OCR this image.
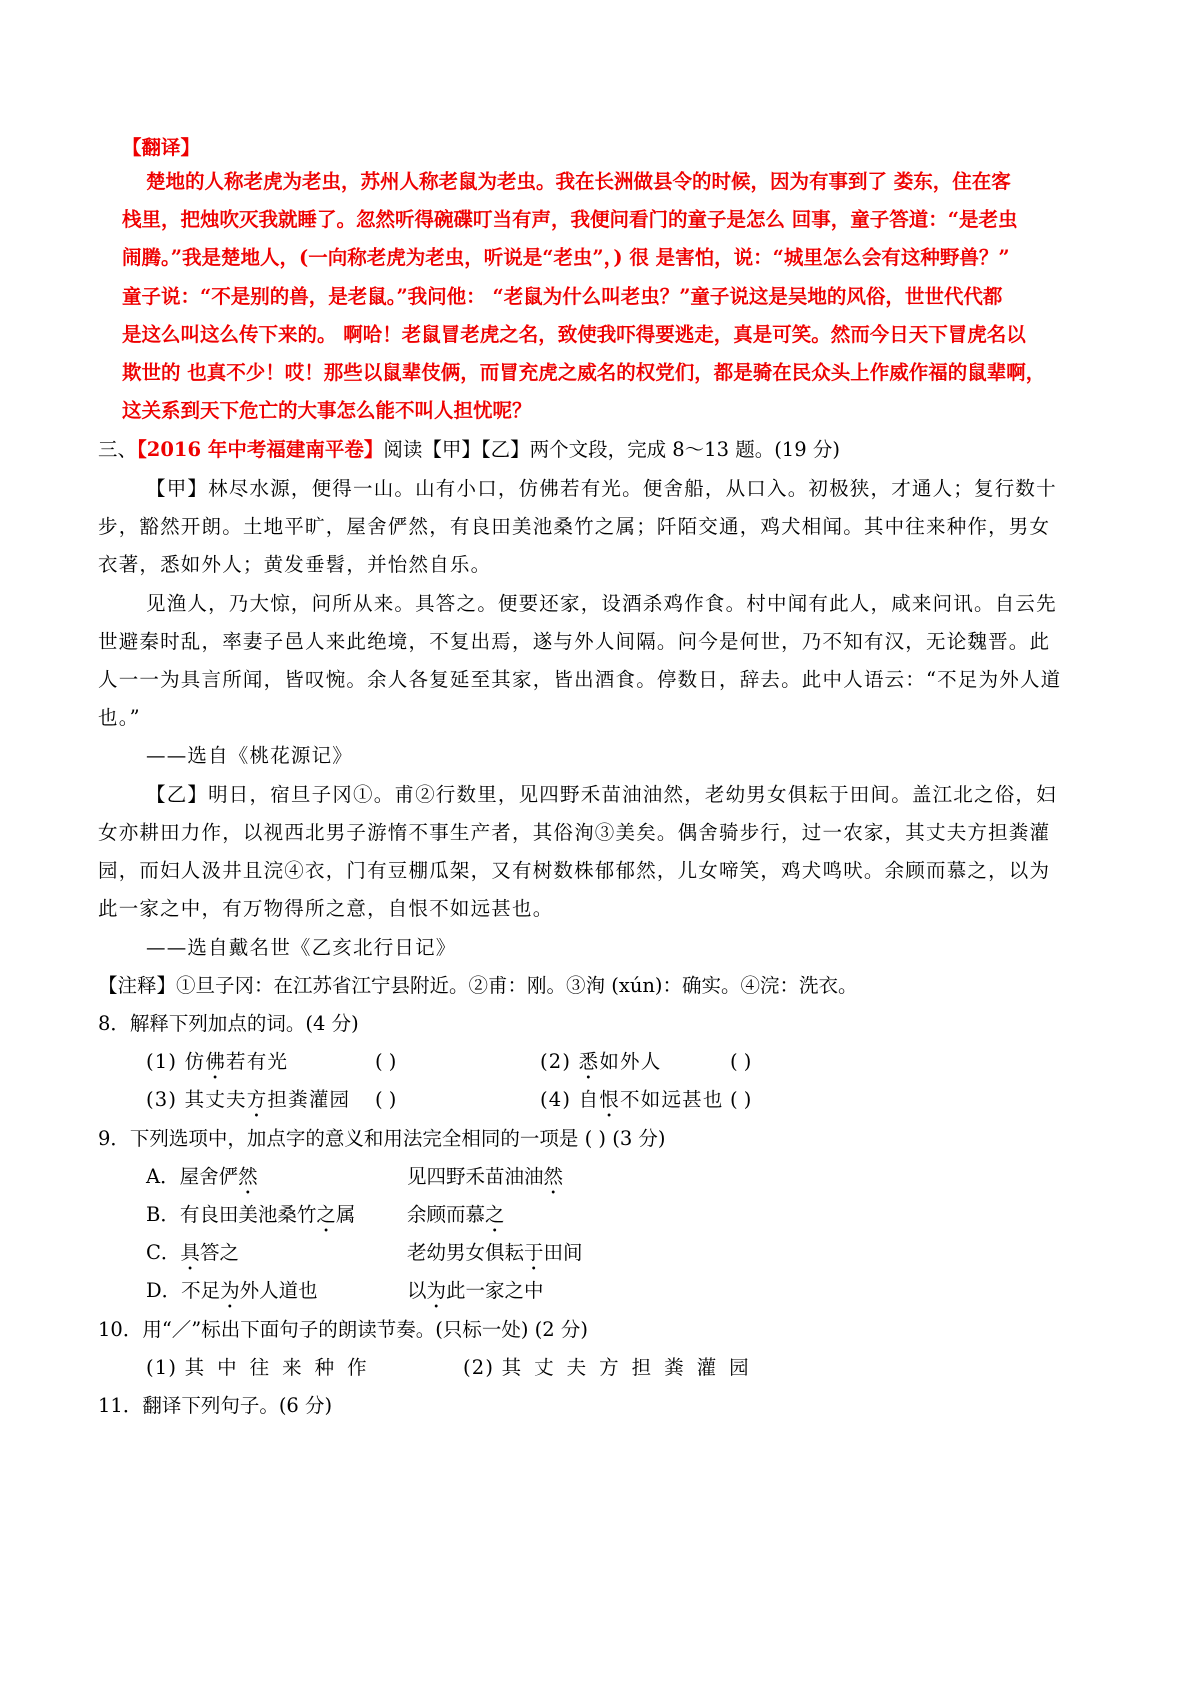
【翻译】
楚地的人称老虎为老虫，苏州人称老鼠为老虫。我在长洲做县令的时候，因为有事到了 娄东，住在客
栈里，把烛吹灭我就睡了。忽然听得碗碟叮当有声，我便问看门的童子是怎么 回事，童子答道：“是老虫
闹腾。”我是楚地人，(一向称老虎为老虫，听说是“老虫”，) 很 是害怕，说：“城里怎么会有这种野兽？”
童子说：“不是别的兽，是老鼠。”我问他： “老鼠为什么叫老虫？”童子说这是吴地的风俗，世世代代都
是这么叫这么传下来的。 啊哈！老鼠冒老虎之名，致使我吓得要逃走，真是可笑。然而今日天下冒虎名以
欺世的 也真不少！哎！那些以鼠辈伎俩，而冒充虎之威名的权党们，都是骑在民众头上作威作福的鼠辈啊，
这关系到天下危亡的大事怎么能不叫人担忧呢？
三、【2016 年中考福建南平卷】阅读【甲】【乙】两个文段，完成 8～13 题。(19 分)
【甲】林尽水源，便得一山。山有小口，仿佛若有光。便舍船，从口入。初极狭，才通人；复行数十
步，豁然开朗。土地平旷，屋舍俨然，有良田美池桑竹之属；阡陌交通，鸡犬相闻。其中往来种作，男女
衣著，悉如外人；黄发垂髫，并怡然自乐。
见渔人，乃大惊，问所从来。具答之。便要还家，设酒杀鸡作食。村中闻有此人，咸来问讯。自云先
世避秦时乱，率妻子邑人来此绝境，不复出焉，遂与外人间隔。问今是何世，乃不知有汉，无论魏晋。此
人一一为具言所闻，皆叹惋。余人各复延至其家，皆出酒食。停数日，辞去。此中人语云：“不足为外人道
也。”
——选自《桃花源记》
【乙】明日，宿旦子冈①。甫②行数里，见四野禾苗油油然，老幼男女俱耘于田间。盖江北之俗，妇
女亦耕田力作，以视西北男子游惰不事生产者，其俗洵③美矣。偶舍骑步行，过一农家，其丈夫方担粪灌
园，而妇人汲井且浣④衣，门有豆棚瓜架，又有树数株郁郁然，儿女啼笑，鸡犬鸣吠。余顾而慕之，以为
此一家之中，有万物得所之意，自恨不如远甚也。
——选自戴名世《乙亥北行日记》
【注释】①旦子冈：在江苏省江宁县附近。②甫：刚。③洵 (xún)：确实。④浣：洗衣。
8．解释下列加点的词。(4 分)
(1) 仿佛若有光	( )	(2) 悉如外人	( )
(3) 其丈夫方担粪灌园 ( )	(4) 自恨不如远甚也 ( )
9．下列选项中，加点字的意义和用法完全相同的一项是 ( ) (3 分)
A．屋舍俨然	见四野禾苗油油然
B．有良田美池桑竹之属	余顾而慕之
C．具答之	老幼男女俱耘于田间
D．不足为外人道也	以为此一家之中
10．用“／”标出下面句子的朗读节奏。(只标一处) (2 分)
(1) 其中往来种作	(2) 其丈夫方担粪灌园
11．翻译下列句子。(6 分)
